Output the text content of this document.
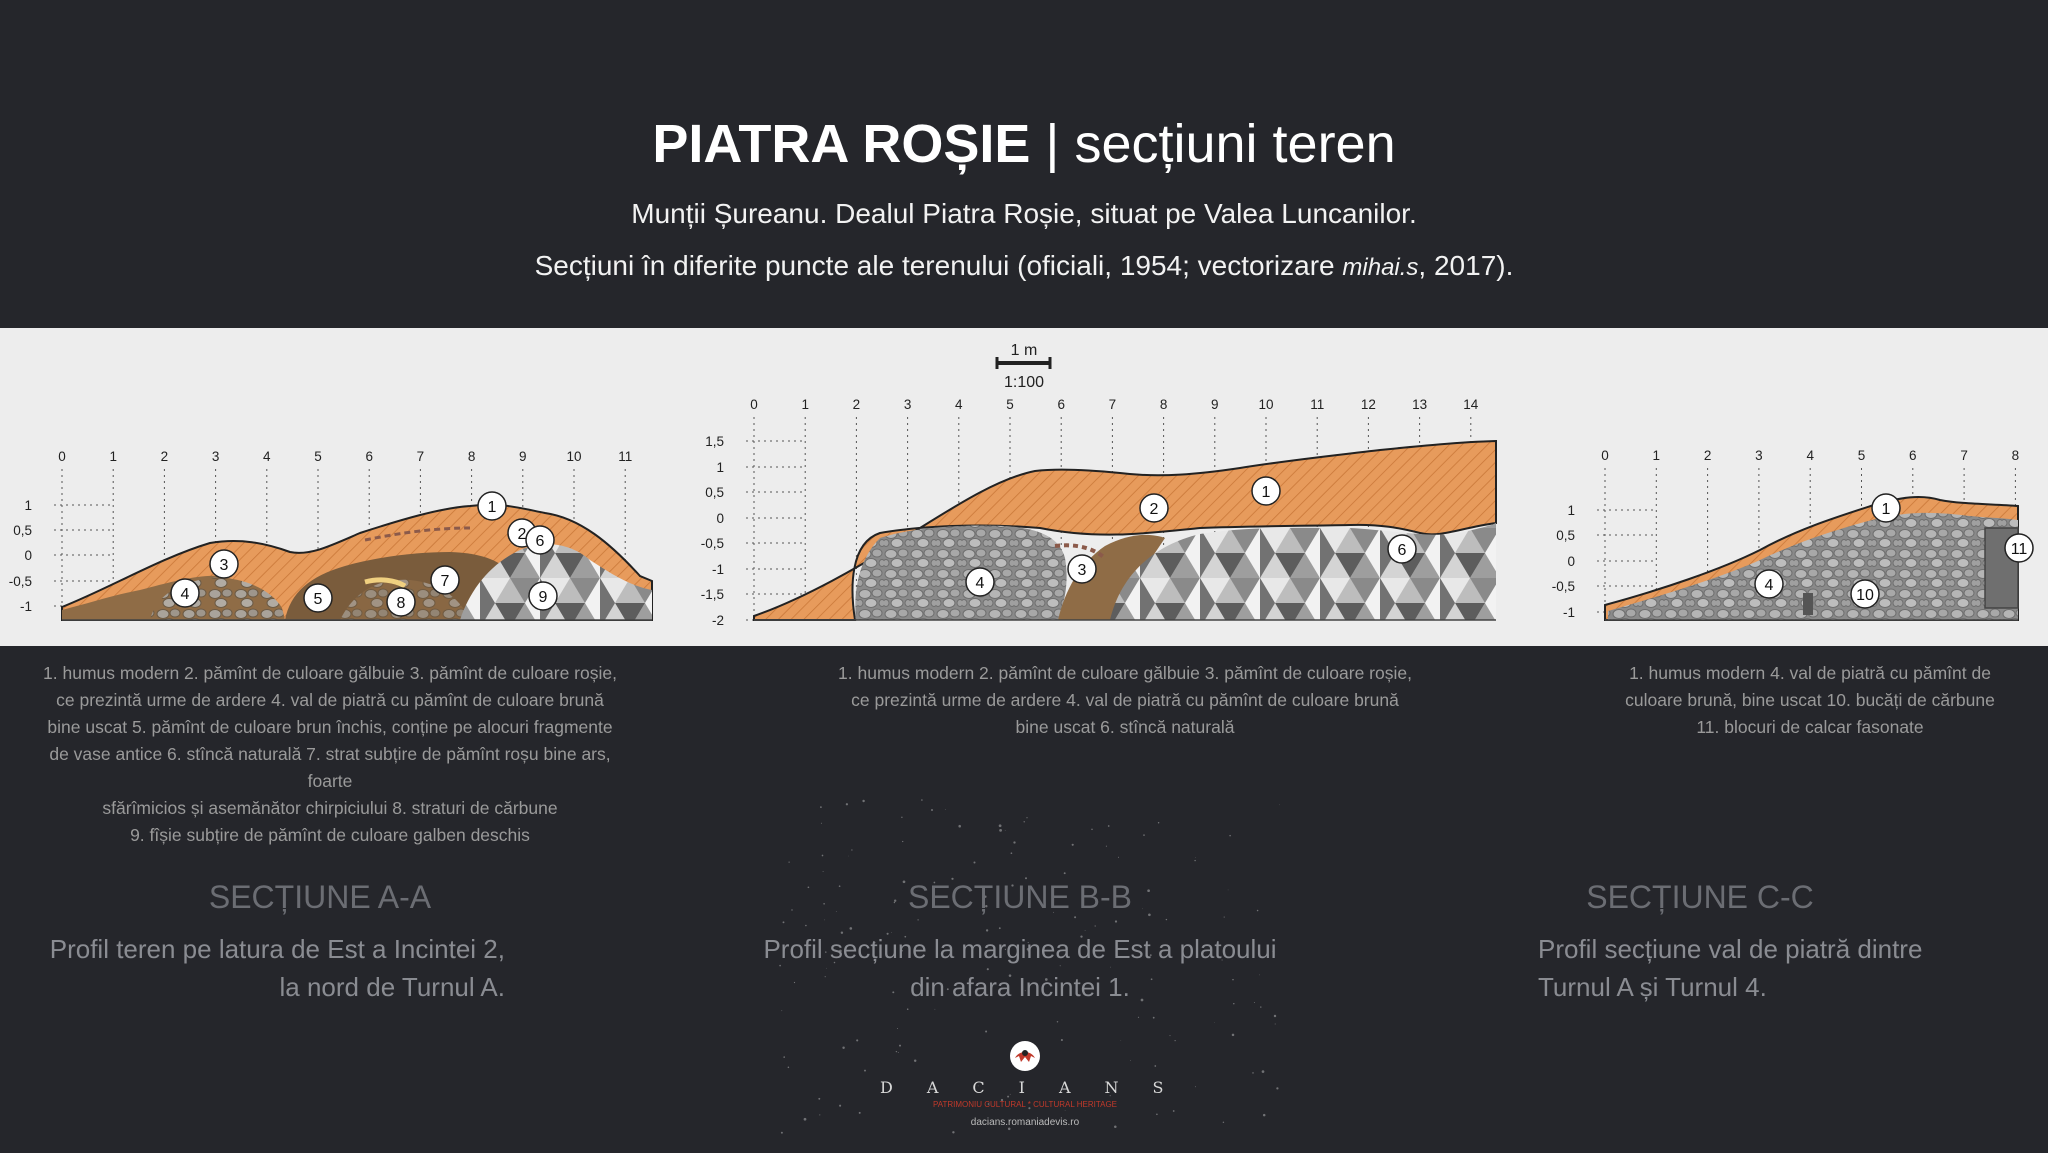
PIATRA ROȘIE | secțiuni teren
Munții Șureanu. Dealul Piatra Roșie, situat pe Valea Luncanilor.
Secțiuni în diferite puncte ale terenului (oficiali, 1954; vectorizare mihai.s, 2017).
1 m
1:100
0	1	2	3	4	5	6	7	8	9	10	11
1
0,5
0
-0,5
-1
1
2
3
4	5
6
7
8	9
0	1	2	3	4	5	6	7	8	9	10	11	12	13	14
1,5
1
0,5
0
-0,5
-1
-1,5
-2
1
2
3
4
6
0	1	2	3	4	5	6	7	8
1
0,5
0
-0,5
-1
1
4
10
11
1. humus modern 2. pămînt de culoare gălbuie 3. pămînt de culoare roșie,
ce prezintă urme de ardere 4. val de piatră cu pămînt de culoare brună
bine uscat 5. pămînt de culoare brun închis, conține pe alocuri fragmente
de vase antice 6. stîncă naturală 7. strat subțire de pămînt roșu bine ars, foarte
sfărîmicios și asemănător chirpiciului 8. straturi de cărbune
9. fîșie subțire de pămînt de culoare galben deschis
1. humus modern 2. pămînt de culoare gălbuie 3. pămînt de culoare roșie,
ce prezintă urme de ardere 4. val de piatră cu pămînt de culoare brună
bine uscat 6. stîncă naturală
1. humus modern 4. val de piatră cu pămînt de
culoare brună, bine uscat 10. bucăți de cărbune
11. blocuri de calcar fasonate
SECȚIUNE A-A	SECȚIUNE B-B	SECȚIUNE C-C
Profil teren pe latura de Est a Incintei 2,
la nord de Turnul A.
Profil secțiune la marginea de Est a platoului
din afara Incintei 1.
Profil secțiune val de piatră dintre
Turnul A și Turnul 4.
DACIANS
PATRIMONIU CULTURAL * CULTURAL HERITAGE
dacians.romaniadevis.ro
